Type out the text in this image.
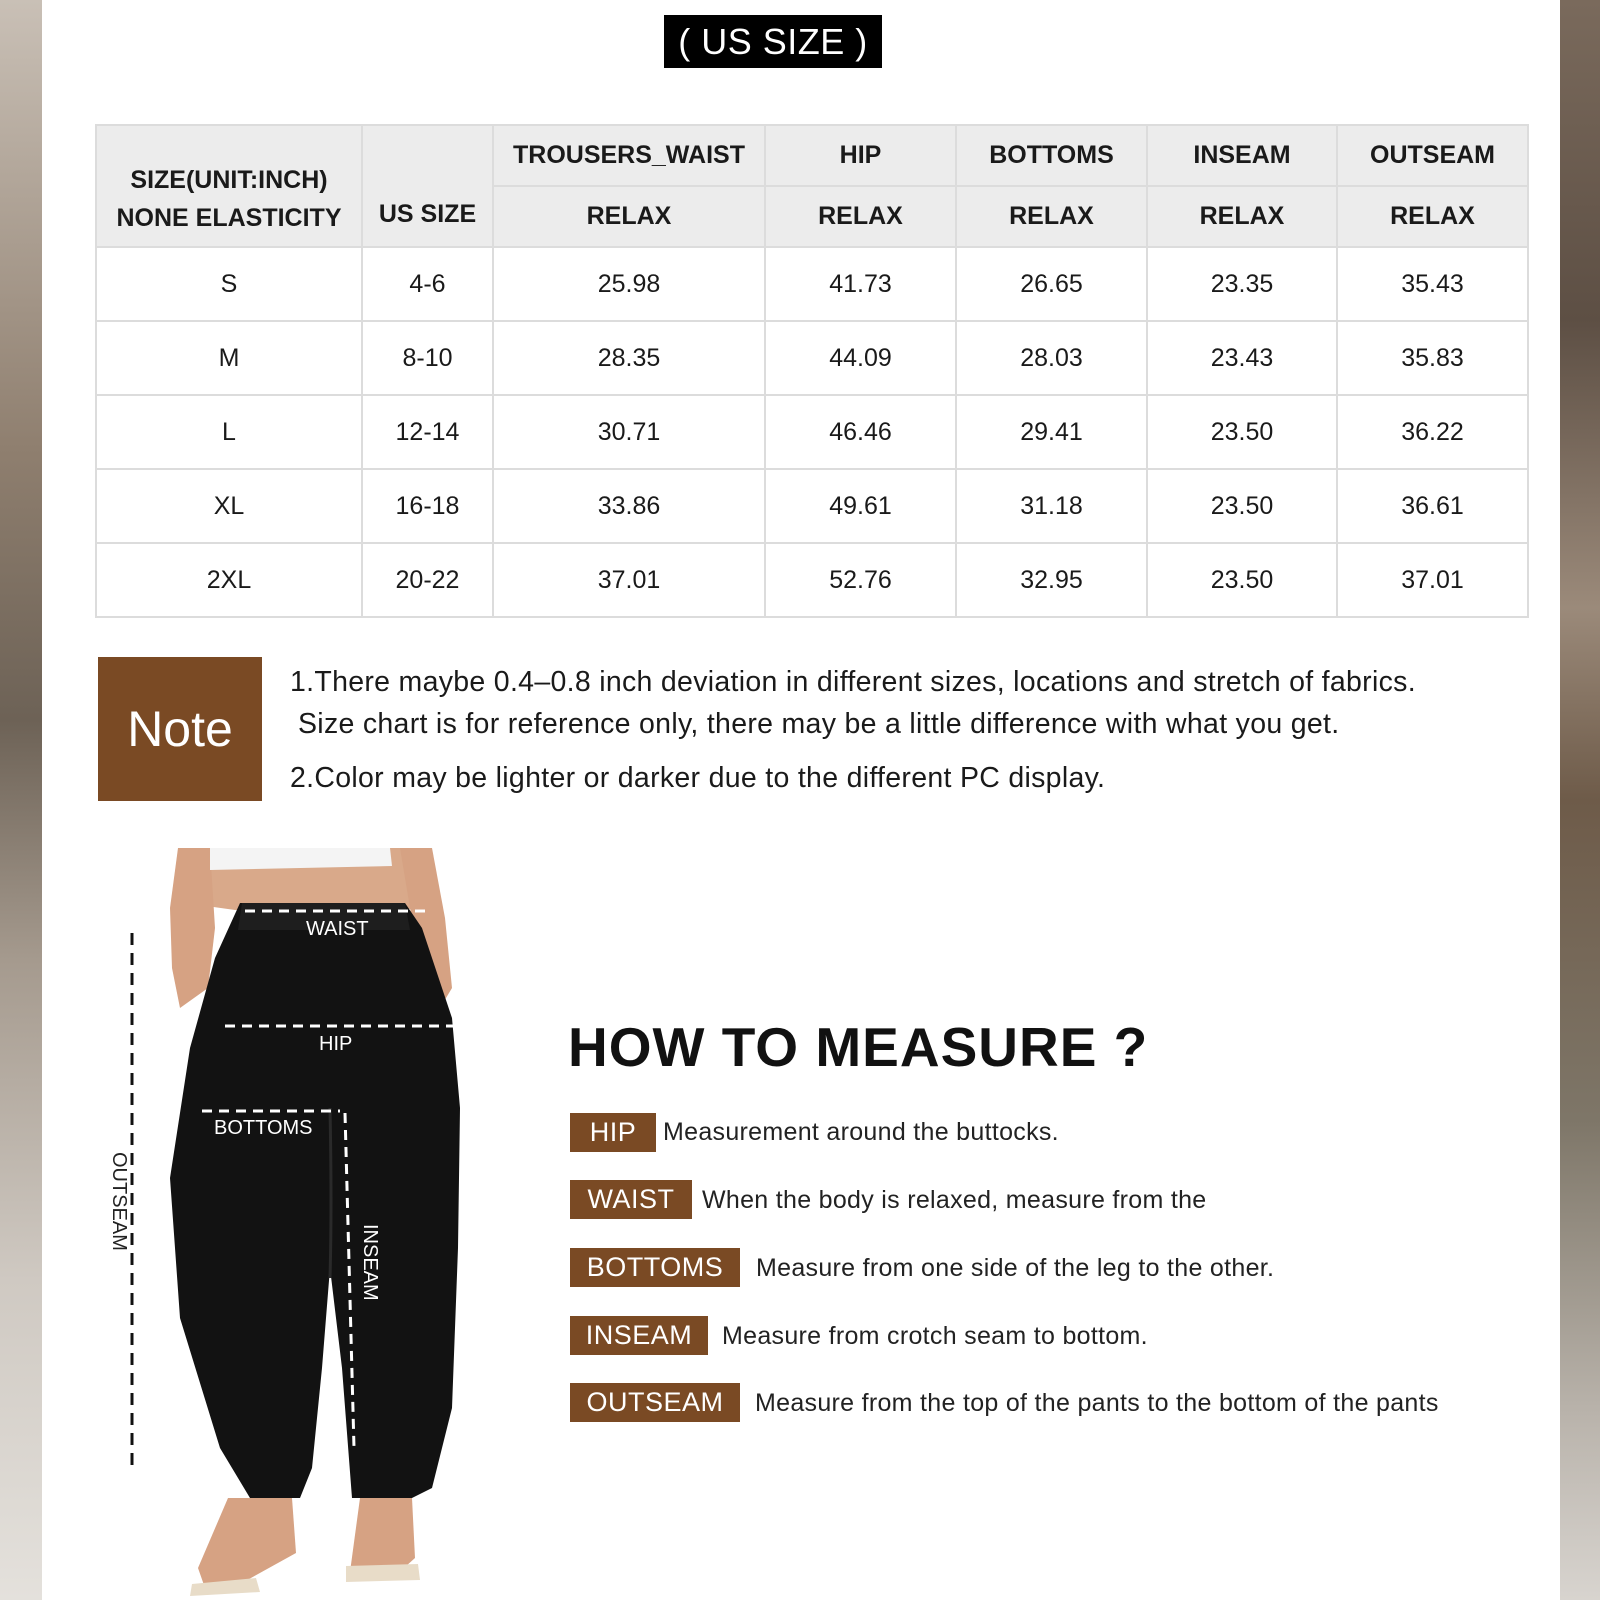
( US SIZE )
SIZE(UNIT:INCH)
NONE ELASTICITY	US SIZE	TROUSERS_WAIST	HIP	BOTTOMS	INSEAM	OUTSEAM
		RELAX	RELAX	RELAX	RELAX	RELAX
S	4-6	25.98	41.73	26.65	23.35	35.43
M	8-10	28.35	44.09	28.03	23.43	35.83
L	12-14	30.71	46.46	29.41	23.50	36.22
XL	16-18	33.86	49.61	31.18	23.50	36.61
2XL	20-22	37.01	52.76	32.95	23.50	37.01
Note
1.There maybe 0.4–0.8 inch deviation in different sizes, locations and stretch of fabrics.
Size chart is for reference only, there may be a little difference with what you get.
2.Color may be lighter or darker due to the different PC display.
WAIST
HIP
BOTTOMS
OUTSEAM
INSEAM
HOW TO MEASURE ?
HIP	Measurement around the buttocks.
WAIST	When the body is relaxed, measure from the
BOTTOMS	Measure from one side of the leg to the other.
INSEAM	Measure from crotch seam to bottom.
OUTSEAM	Measure from the top of the pants to the bottom of the pants
